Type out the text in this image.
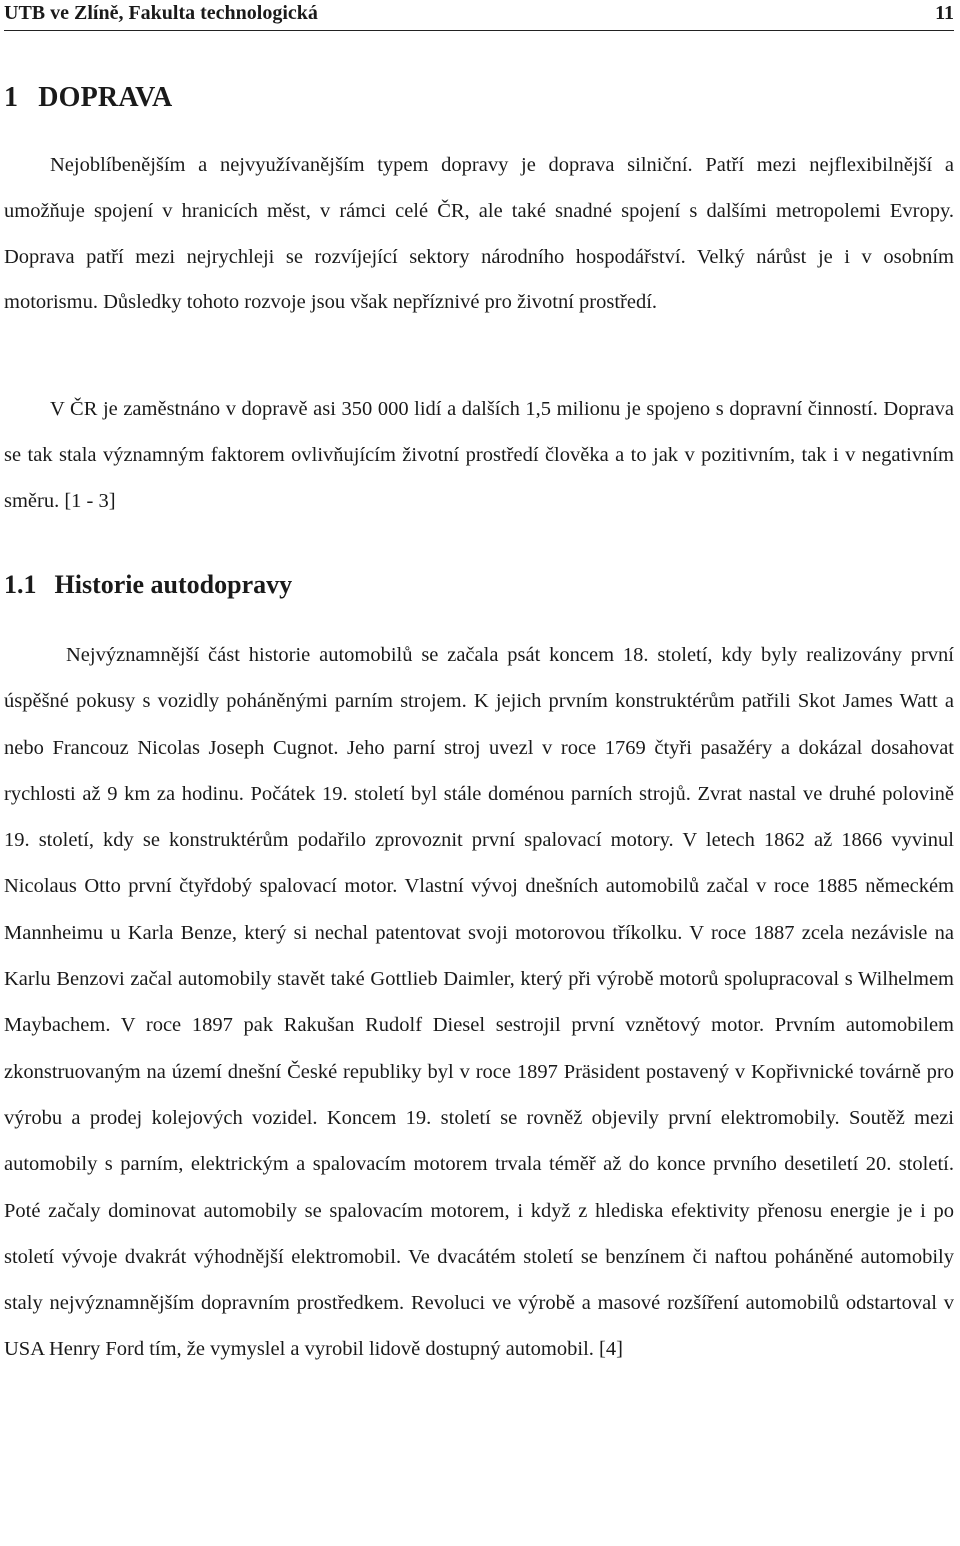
UTB ve Zlíně, Fakulta technologická	11
1 DOPRAVA

Nejoblíbenějším a nejvyužívanějším typem dopravy je doprava silniční. Patří mezi nejflexibilnější a umožňuje spojení v hranicích měst, v rámci celé ČR, ale také snadné spojení s dalšími metropolemi Evropy. Doprava patří mezi nejrychleji se rozvíjející sektory národního hospodářství. Velký nárůst je i v osobním motorismu. Důsledky tohoto rozvoje jsou však nepříznivé pro životní prostředí.

V ČR je zaměstnáno v dopravě asi 350 000 lidí a dalších 1,5 milionu je spojeno s dopravní činností. Doprava se tak stala významným faktorem ovlivňujícím životní prostředí člověka a to jak v pozitivním, tak i v negativním směru. [1 - 3]

1.1 Historie autodopravy

Nejvýznamnější část historie automobilů se začala psát koncem 18. století, kdy byly realizovány první úspěšné pokusy s vozidly poháněnými parním strojem. K jejich prvním konstruktérům patřili Skot James Watt a nebo Francouz Nicolas Joseph Cugnot. Jeho parní stroj uvezl v roce 1769 čtyři pasažéry a dokázal dosahovat rychlosti až 9 km za hodinu. Počátek 19. století byl stále doménou parních strojů. Zvrat nastal ve druhé polovině 19. století, kdy se konstruktérům podařilo zprovoznit první spalovací motory. V letech 1862 až 1866 vyvinul Nicolaus Otto první čtyřdobý spalovací motor. Vlastní vývoj dnešních automobilů začal v roce 1885 německém Mannheimu u Karla Benze, který si nechal patentovat svoji motorovou tříkolku. V roce 1887 zcela nezávisle na Karlu Benzovi začal automobily stavět také Gottlieb Daimler, který při výrobě motorů spolupracoval s Wilhelmem Maybachem. V roce 1897 pak Rakušan Rudolf Diesel sestrojil první vznětový motor. Prvním automobilem zkonstruovaným na území dnešní České republiky byl v roce 1897 Präsident postavený v Kopřivnické továrně pro výrobu a prodej kolejových vozidel. Koncem 19. století se rovněž objevily první elektromobily. Soutěž mezi automobily s parním, elektrickým a spalovacím motorem trvala téměř až do konce prvního desetiletí 20. století. Poté začaly dominovat automobily se spalovacím motorem, i když z hlediska efektivity přenosu energie je i po století vývoje dvakrát výhodnější elektromobil. Ve dvacátém století se benzínem či naftou poháněné automobily staly nejvýznamnějším dopravním prostředkem. Revoluci ve výrobě a masové rozšíření automobilů odstartoval v USA Henry Ford tím, že vymyslel a vyrobil lidově dostupný automobil. [4]
